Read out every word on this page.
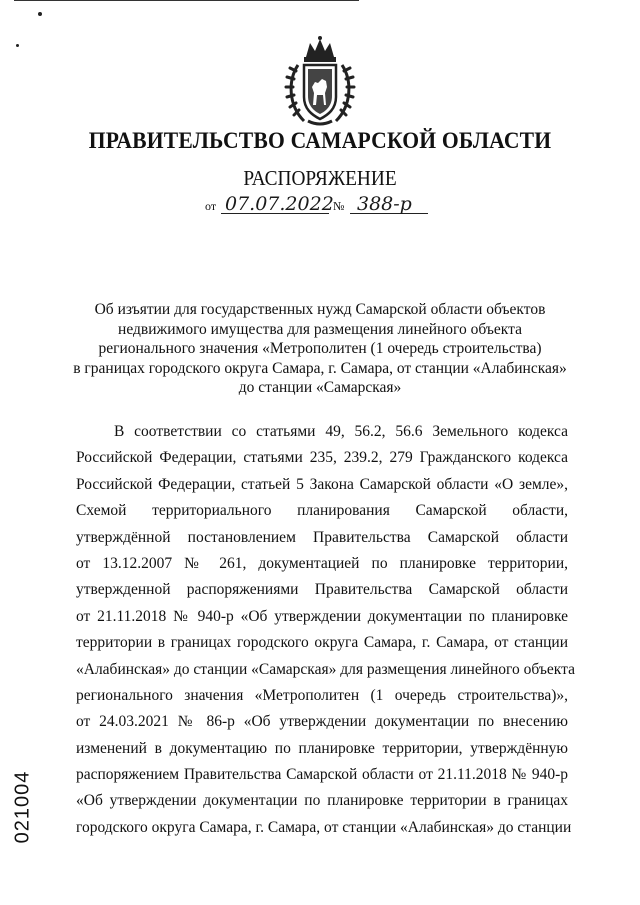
ПРАВИТЕЛЬСТВО САМАРСКОЙ ОБЛАСТИ
РАСПОРЯЖЕНИЕ
от 07.07.2022 № 388-р
Об изъятии для государственных нужд Самарской области объектов
недвижимого имущества для размещения линейного объекта
регионального значения «Метрополитен (1 очередь строительства)
в границах городского округа Самара, г. Самара, от станции «Алабинская»
до станции «Самарская»
В соответствии со статьями 49, 56.2, 56.6 Земельного кодекса
Российской Федерации, статьями 235, 239.2, 279 Гражданского кодекса
Российской Федерации, статьей 5 Закона Самарской области «О земле»,
Схемой территориального планирования Самарской области,
утверждённой постановлением Правительства Самарской области
от 13.12.2007 № 261, документацией по планировке территории,
утвержденной распоряжениями Правительства Самарской области
от 21.11.2018 № 940-р «Об утверждении документации по планировке
территории в границах городского округа Самара, г. Самара, от станции
«Алабинская» до станции «Самарская» для размещения линейного объекта
регионального значения «Метрополитен (1 очередь строительства)»,
от 24.03.2021 № 86-р «Об утверждении документации по внесению
изменений в документацию по планировке территории, утверждённую
распоряжением Правительства Самарской области от 21.11.2018 № 940-р
«Об утверждении документации по планировке территории в границах
городского округа Самара, г. Самара, от станции «Алабинская» до станции
021004
